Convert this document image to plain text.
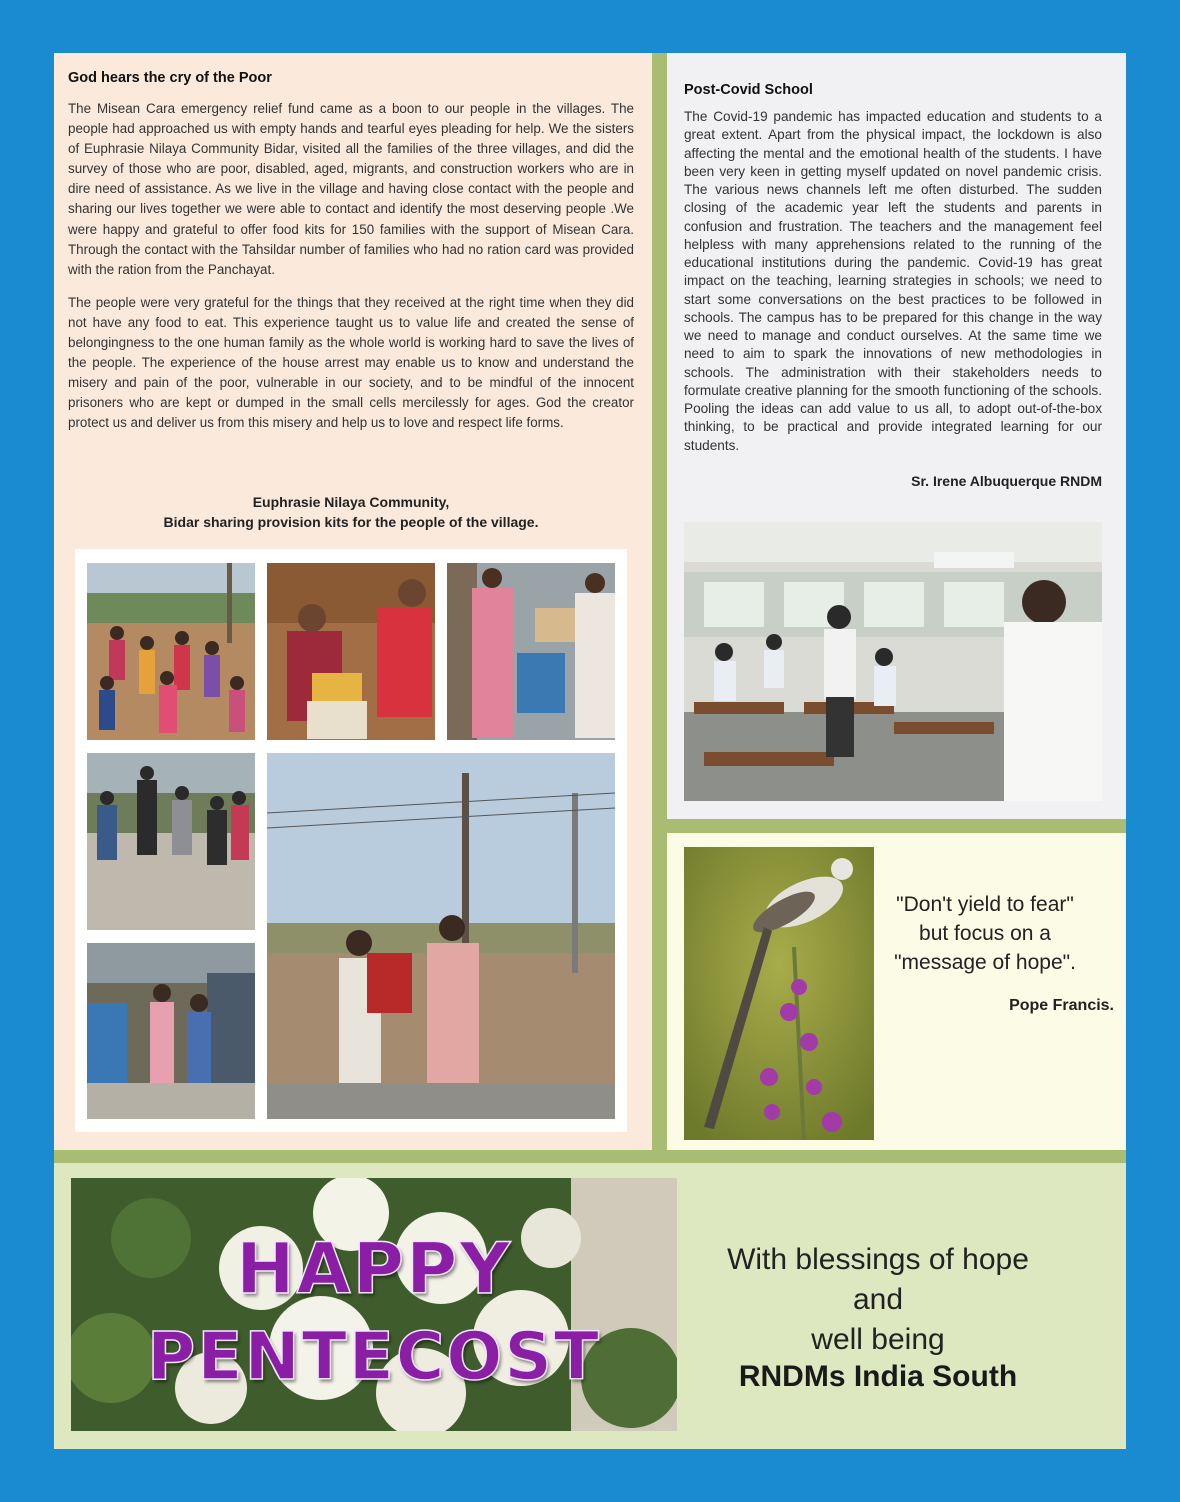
God hears the cry of the Poor

The Misean Cara emergency relief fund came as a boon to our people in the villages. The people had approached us with empty hands and tearful eyes pleading for help. We the sisters of Euphrasie Nilaya Community Bidar, visited all the families of the three villages, and did the survey of those who are poor, disabled, aged, migrants, and construction workers who are in dire need of assistance. As we live in the village and having close contact with the people and sharing our lives together we were able to contact and identify the most deserving people .We were happy and grateful to offer food kits for 150 families with the support of Misean Cara. Through the contact with the Tahsildar number of families who had no ration card was provided with the ration from the Panchayat.

The people were very grateful for the things that they received at the right time when they did not have any food to eat. This experience taught us to value life and created the sense of belongingness to the one human family as the whole world is working hard to save the lives of the people. The experience of the house arrest may enable us to know and understand the misery and pain of the poor, vulnerable in our society, and to be mindful of the innocent prisoners who are kept or dumped in the small cells mercilessly for ages. God the creator protect us and deliver us from this misery and help us to love and respect life forms.

Euphrasie Nilaya Community,
Bidar sharing provision kits for the people of the village.
Post-Covid School
The Covid-19 pandemic has impacted education and students to a great extent. Apart from the physical impact, the lockdown is also affecting the mental and the emotional health of the students. I have been very keen in getting myself updated on novel pandemic crisis. The various news channels left me often disturbed. The sudden closing of the academic year left the students and parents in confusion and frustration. The teachers and the management feel helpless with many apprehensions related to the running of the educational institutions during the pandemic. Covid-19 has great impact on the teaching, learning strategies in schools; we need to start some conversations on the best practices to be followed in schools. The campus has to be prepared for this change in the way we need to manage and conduct ourselves. At the same time we need to aim to spark the innovations of new methodologies in schools. The administration with their stakeholders needs to formulate creative planning for the smooth functioning of the schools. Pooling the ideas can add value to us all, to adopt out-of-the-box thinking, to be practical and provide integrated learning for our students.
Sr. Irene Albuquerque RNDM
"Don't yield to fear"
but focus on a
"message of hope".
Pope Francis.
HAPPY
PENTECOST
With blessings of hope
and
well being
RNDMs India South
